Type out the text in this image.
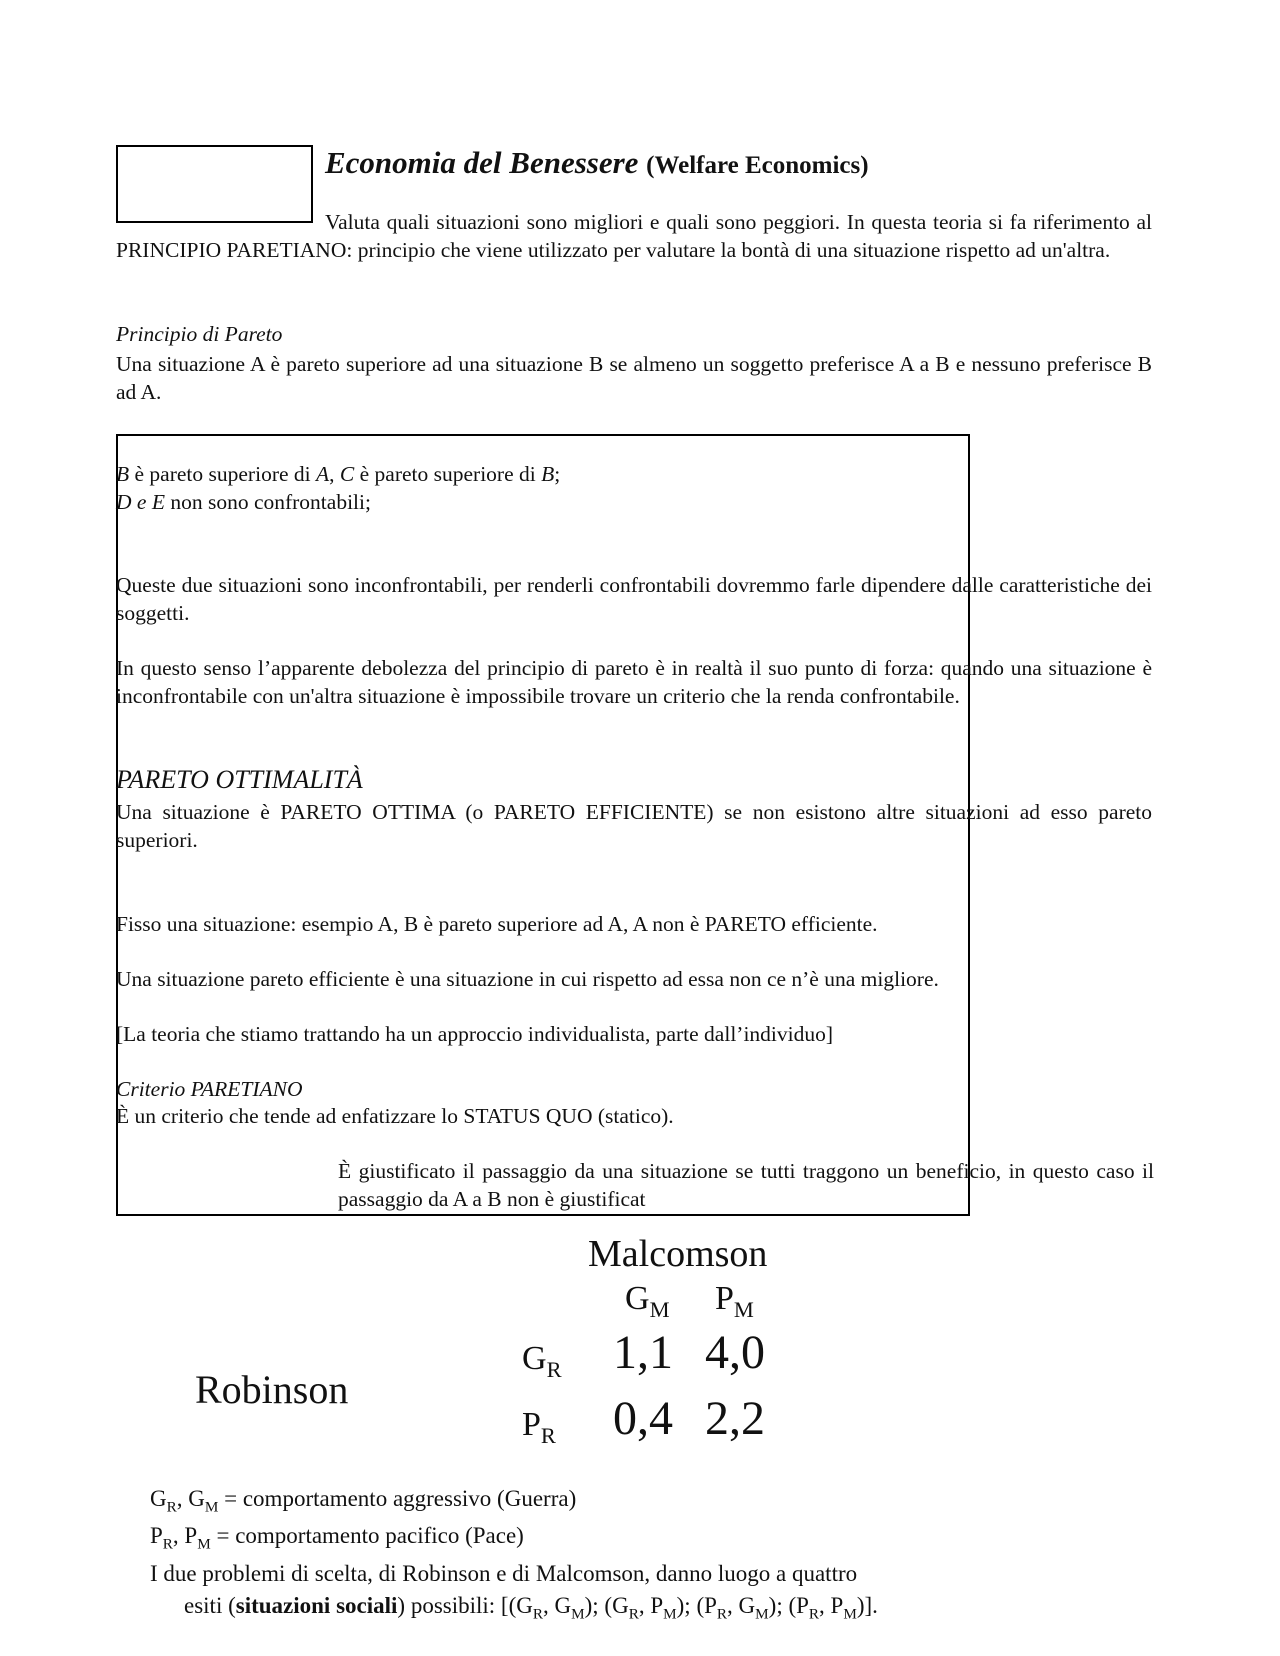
Economia del Benessere (Welfare Economics)

Valuta quali situazioni sono migliori e quali sono peggiori. In questa teoria si fa riferimento al PRINCIPIO PARETIANO: principio che viene utilizzato per valutare la bontà di una situazione rispetto ad un'altra.

Principio di Pareto

Una situazione A è pareto superiore ad una situazione B se almeno un soggetto preferisce A a B e nessuno preferisce B ad A.

B è pareto superiore di A, C è pareto superiore di B;

D e E non sono confrontabili;

Queste due situazioni sono inconfrontabili, per renderli confrontabili dovremmo farle dipendere dalle caratteristiche dei soggetti.

In questo senso l’apparente debolezza del principio di pareto è in realtà il suo punto di forza: quando una situazione è inconfrontabile con un'altra situazione è impossibile trovare un criterio che la renda confrontabile.

PARETO OTTIMALITÀ

Una situazione è PARETO OTTIMA (o PARETO EFFICIENTE) se non esistono altre situazioni ad esso pareto superiori.

Fisso una situazione: esempio A, B è pareto superiore ad A, A non è PARETO efficiente.

Una situazione pareto efficiente è una situazione in cui rispetto ad essa non ce n’è una migliore.

[La teoria che stiamo trattando ha un approccio individualista, parte dall’individuo]

Criterio PARETIANO

È un criterio che tende ad enfatizzare lo STATUS QUO (statico).

È giustificato il passaggio da una situazione se tutti traggono un beneficio, in questo caso il passaggio da A a B non è giustificat

Malcomson
$G_M$ $P_M$
Robinson
$G_R$
$P_R$
1,1 4,0
0,4 2,2
$G_R$, $G_M$ = comportamento aggressivo (Guerra)
$P_R$, $P_M$ = comportamento pacifico (Pace)
I due problemi di scelta, di Robinson e di Malcomson, danno luogo a quattro
esiti (situazioni sociali) possibili: [($G_R$, $G_M$); ($G_R$, $P_M$); ($P_R$, $G_M$); ($P_R$, $P_M$)].
